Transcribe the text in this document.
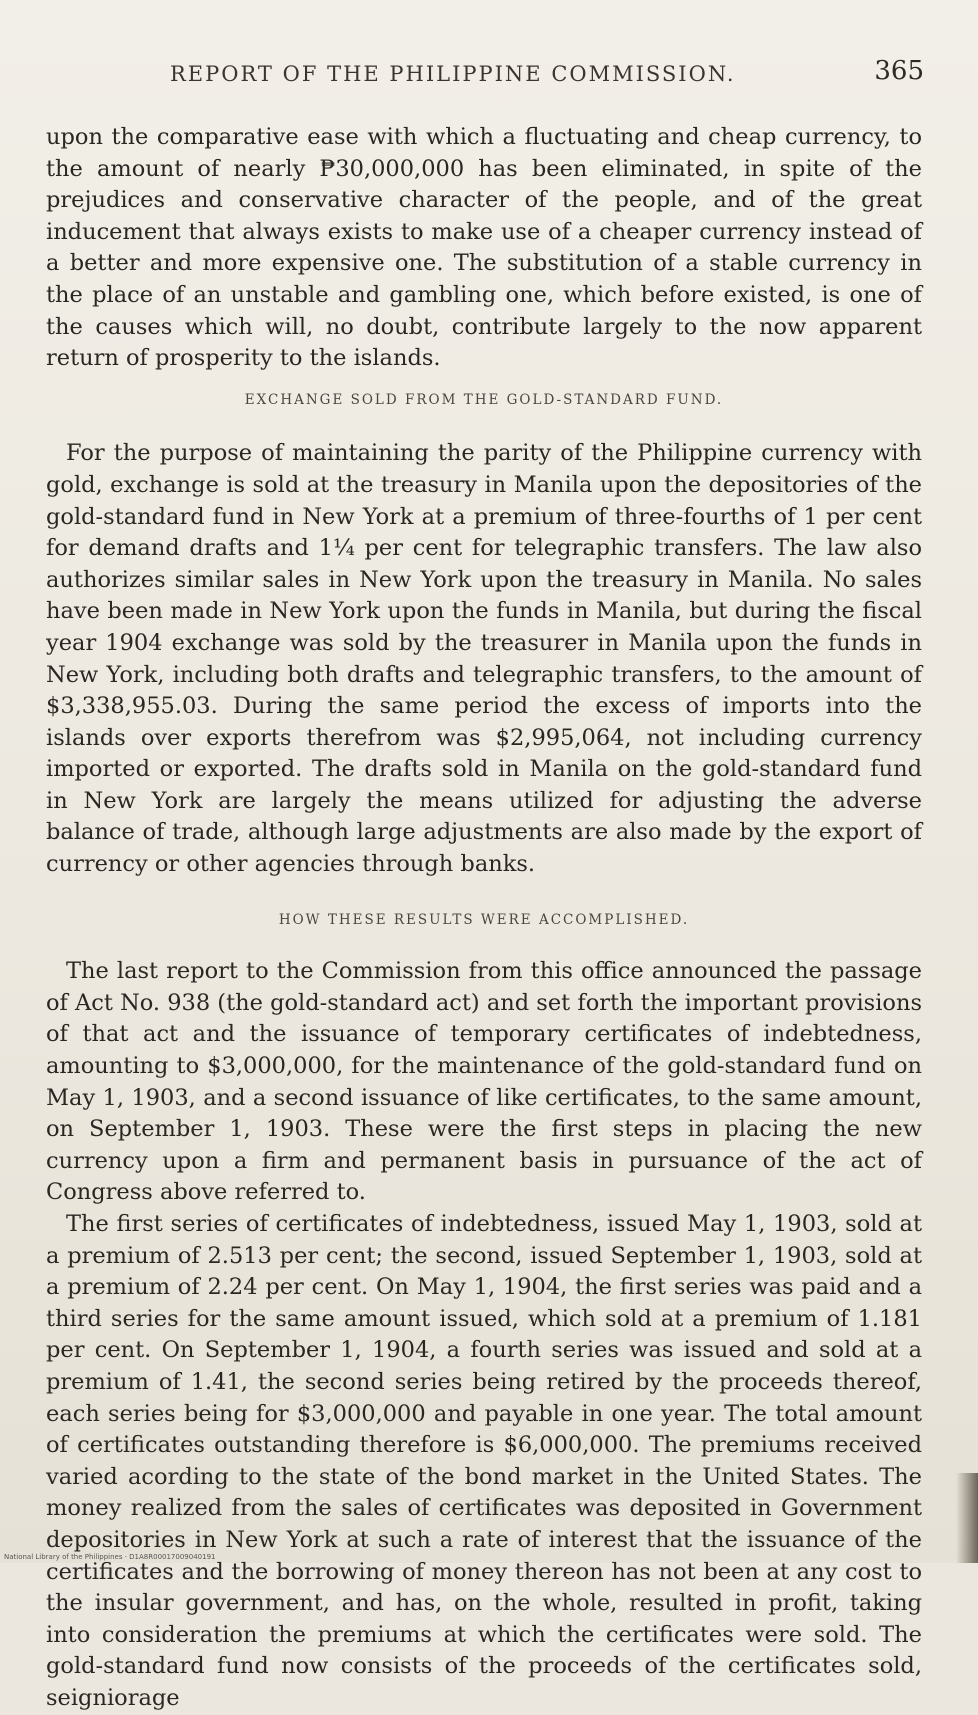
REPORT OF THE PHILIPPINE COMMISSION.	365

upon the comparative ease with which a fluctuating and cheap currency, to the amount of nearly ₱30,000,000 has been eliminated, in spite of the prejudices and conservative character of the people, and of the great inducement that always exists to make use of a cheaper currency instead of a better and more expensive one. The substitution of a stable currency in the place of an unstable and gambling one, which before existed, is one of the causes which will, no doubt, contribute largely to the now apparent return of prosperity to the islands.

EXCHANGE SOLD FROM THE GOLD-STANDARD FUND.

For the purpose of maintaining the parity of the Philippine currency with gold, exchange is sold at the treasury in Manila upon the depositories of the gold-standard fund in New York at a premium of three-fourths of 1 per cent for demand drafts and 1¼ per cent for telegraphic transfers. The law also authorizes similar sales in New York upon the treasury in Manila. No sales have been made in New York upon the funds in Manila, but during the fiscal year 1904 exchange was sold by the treasurer in Manila upon the funds in New York, including both drafts and telegraphic transfers, to the amount of $3,338,955.03. During the same period the excess of imports into the islands over exports therefrom was $2,995,064, not including currency imported or exported. The drafts sold in Manila on the gold-standard fund in New York are largely the means utilized for adjusting the adverse balance of trade, although large adjustments are also made by the export of currency or other agencies through banks.

HOW THESE RESULTS WERE ACCOMPLISHED.

The last report to the Commission from this office announced the passage of Act No. 938 (the gold-standard act) and set forth the important provisions of that act and the issuance of temporary certificates of indebtedness, amounting to $3,000,000, for the maintenance of the gold-standard fund on May 1, 1903, and a second issuance of like certificates, to the same amount, on September 1, 1903. These were the first steps in placing the new currency upon a firm and permanent basis in pursuance of the act of Congress above referred to.

The first series of certificates of indebtedness, issued May 1, 1903, sold at a premium of 2.513 per cent; the second, issued September 1, 1903, sold at a premium of 2.24 per cent. On May 1, 1904, the first series was paid and a third series for the same amount issued, which sold at a premium of 1.181 per cent. On September 1, 1904, a fourth series was issued and sold at a premium of 1.41, the second series being retired by the proceeds thereof, each series being for $3,000,000 and payable in one year. The total amount of certificates outstanding therefore is $6,000,000. The premiums received varied acording to the state of the bond market in the United States. The money realized from the sales of certificates was deposited in Government depositories in New York at such a rate of interest that the issuance of the certificates and the borrowing of money thereon has not been at any cost to the insular government, and has, on the whole, resulted in profit, taking into consideration the premiums at which the certificates were sold. The gold-standard fund now consists of the proceeds of the certificates sold, seigniorage

National Library of the Philippines · D1A8R00017009040191
